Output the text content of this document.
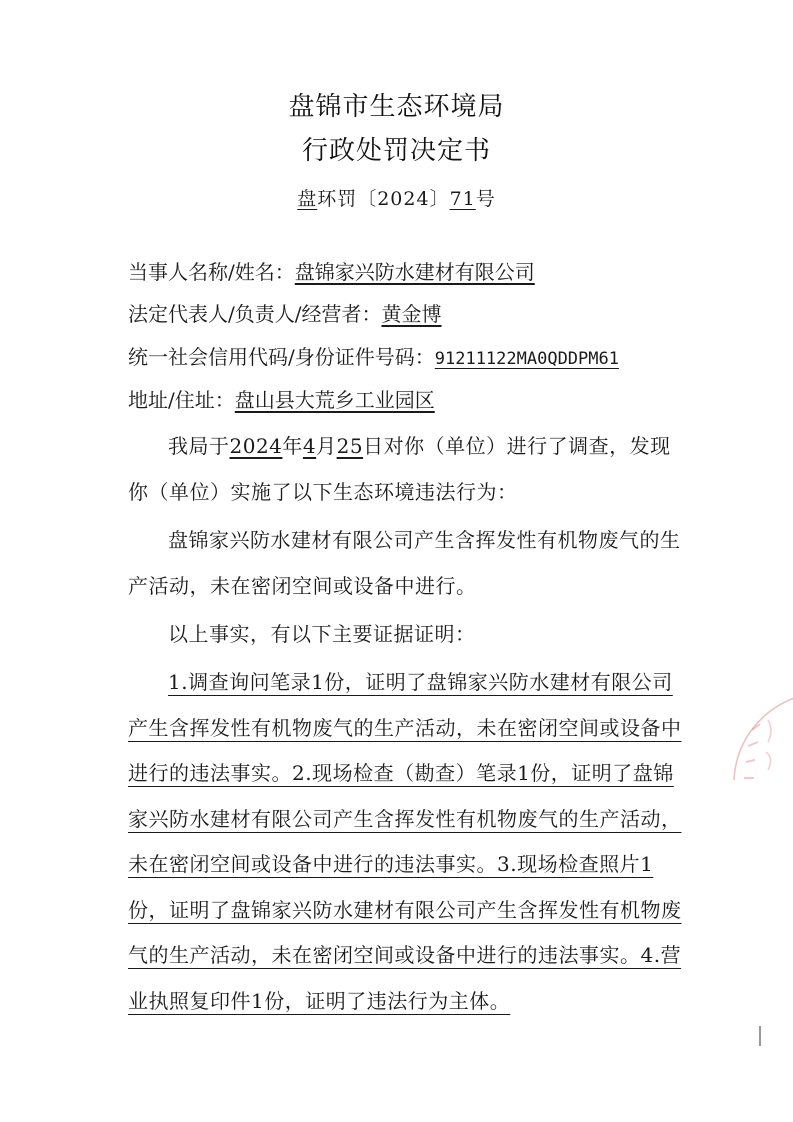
盘锦市生态环境局
行政处罚决定书
盘环罚〔2024〕71号
当事人名称/姓名：盘锦家兴防水建材有限公司
法定代表人/负责人/经营者：黄金博
统一社会信用代码/身份证件号码：91211122MA0QDDPM61
地址/住址：盘山县大荒乡工业园区
我局于2024年4月25日对你（单位）进行了调查，发现你（单位）实施了以下生态环境违法行为：
盘锦家兴防水建材有限公司产生含挥发性有机物废气的生产活动，未在密闭空间或设备中进行。
以上事实，有以下主要证据证明：
1.调查询问笔录1份，证明了盘锦家兴防水建材有限公司产生含挥发性有机物废气的生产活动，未在密闭空间或设备中进行的违法事实。2.现场检查（勘查）笔录1份，证明了盘锦家兴防水建材有限公司产生含挥发性有机物废气的生产活动，未在密闭空间或设备中进行的违法事实。3.现场检查照片1份，证明了盘锦家兴防水建材有限公司产生含挥发性有机物废气的生产活动，未在密闭空间或设备中进行的违法事实。4.营业执照复印件1份，证明了违法行为主体。
